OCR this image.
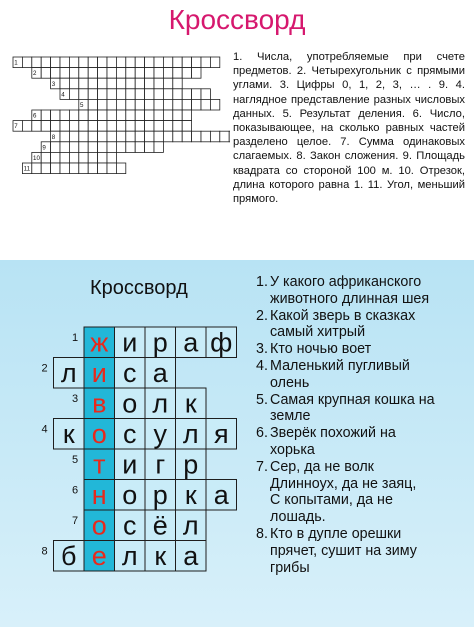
Кроссворд
1
2
3
4
5
6
7
8
9
10
11
1. Числа, употребляемые при счете предметов. 2. Четырехугольник с прямыми углами. 3. Цифры 0, 1, 2, 3, … . 9. 4. наглядное представление разных числовых данных. 5. Результат деления. 6. Число, показывающее, на сколько равных частей разделено целое. 7. Сумма одинаковых слагаемых. 8. Закон сложения. 9. Площадь квадрата со стороной 100 м. 10. Отрезок, длина которого равна 1. 11. Угол, меньший прямого.
Кроссворд
ж и р а ф
1
л и с а
2
в о л к
3
к о с у л я
4
т и г р
5
н о р к а
6
о с ё л
7
б е л к а
8
1. У какого африканского
животного длинная шея
2. Какой зверь в сказках
самый хитрый
3. Кто ночью воет
4. Маленький пугливый
олень
5. Самая крупная кошка на
земле
6. Зверёк похожий на
хорька
7. Сер, да не волк
Длинноух, да не заяц,
С копытами, да не
лошадь.
8. Кто в дупле орешки
прячет, сушит на зиму
грибы
